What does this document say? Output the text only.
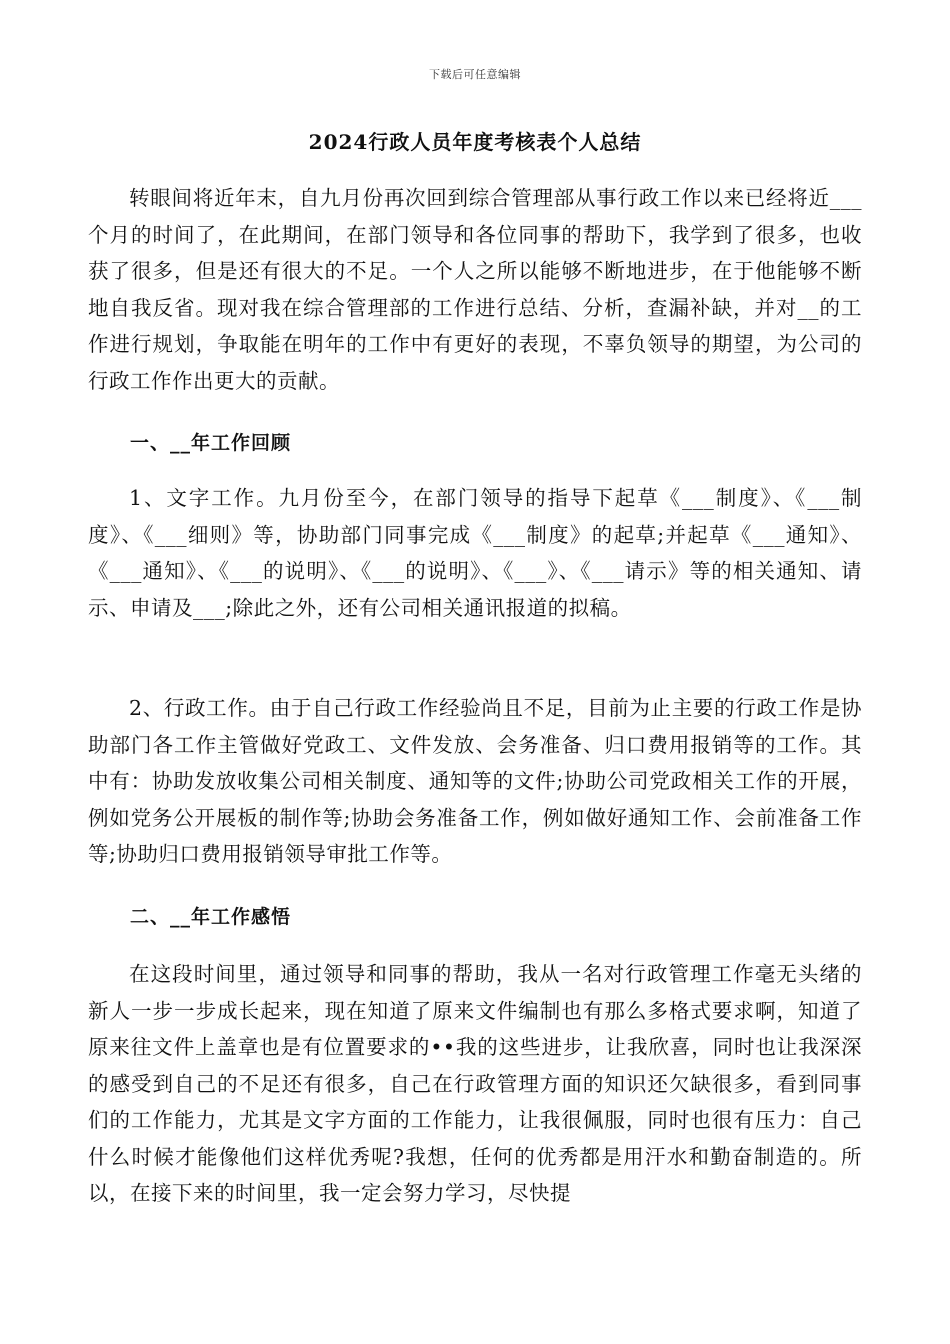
下载后可任意编辑
2024行政人员年度考核表个人总结

转眼间将近年末，自九月份再次回到综合管理部从事行政工作以来已经将近___个月的时间了，在此期间，在部门领导和各位同事的帮助下，我学到了很多，也收获了很多，但是还有很大的不足。一个人之所以能够不断地进步，在于他能够不断地自我反省。现对我在综合管理部的工作进行总结、分析，查漏补缺，并对__的工作进行规划，争取能在明年的工作中有更好的表现，不辜负领导的期望，为公司的行政工作作出更大的贡献。

一、__年工作回顾

1、文字工作。九月份至今，在部门领导的指导下起草《___制度》、《___制度》、《___细则》等，协助部门同事完成《___制度》的起草;并起草《___通知》、《___通知》、《___的说明》、《___的说明》、《___》、《___请示》等的相关通知、请示、申请及___;除此之外，还有公司相关通讯报道的拟稿。

2、行政工作。由于自己行政工作经验尚且不足，目前为止主要的行政工作是协助部门各工作主管做好党政工、文件发放、会务准备、归口费用报销等的工作。其中有：协助发放收集公司相关制度、通知等的文件;协助公司党政相关工作的开展，例如党务公开展板的制作等;协助会务准备工作，例如做好通知工作、会前准备工作等;协助归口费用报销领导审批工作等。

二、__年工作感悟

在这段时间里，通过领导和同事的帮助，我从一名对行政管理工作毫无头绪的新人一步一步成长起来，现在知道了原来文件编制也有那么多格式要求啊，知道了原来往文件上盖章也是有位置要求的••我的这些进步，让我欣喜，同时也让我深深的感受到自己的不足还有很多，自己在行政管理方面的知识还欠缺很多，看到同事们的工作能力，尤其是文字方面的工作能力，让我很佩服，同时也很有压力：自己什么时候才能像他们这样优秀呢?我想，任何的优秀都是用汗水和勤奋制造的。所以，在接下来的时间里，我一定会努力学习，尽快提
